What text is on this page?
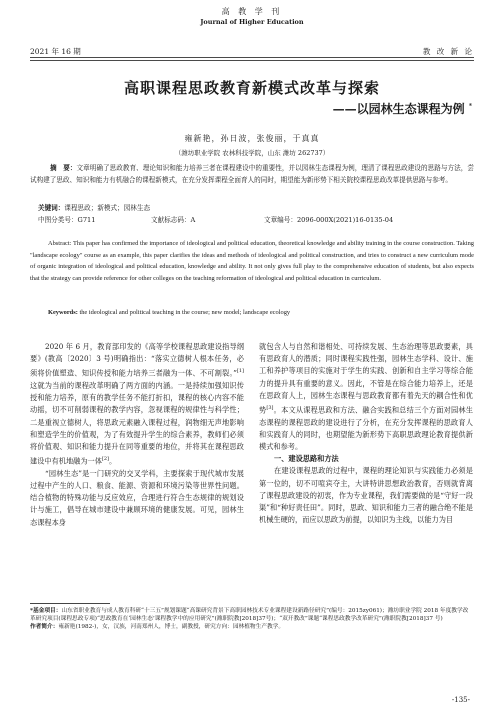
高 教 学 刊
Journal of Higher Education
2021 年 16 期	教 改 新 论
高职课程思政教育新模式改革与探索
——以园林生态课程为例 *
雍新艳，孙日波，张俊丽，于真真
（潍坊职业学院 农林科技学院，山东 潍坊 262737）
摘　要：文章明确了思政教育、理论知识和能力培养三者在课程建设中的重要性，并以园林生态课程为例，理清了课程思政建设的思路与方法，尝试构建了思政、知识和能力有机融合的课程新模式，在充分发挥课程全面育人的同时，期望能为新形势下相关院校课程思政改革提供思路与参考。
关键词：课程思政；新模式；园林生态
中图分类号：G711	文献标志码：A	文章编号：2096-000X(2021)16-0135-04
Abstract: This paper has confirmed the importance of ideological and political education, theoretical knowledge and ability training in the course construction. Taking "landscape ecology" course as an example, this paper clarifies the ideas and methods of ideological and political construction, and tries to construct a new curriculum mode of organic integration of ideological and political education, knowledge and ability. It not only gives full play to the comprehensive education of students, but also expects that the strategy can provide reference for other colleges on the teaching reformation of ideological and political education in curriculum.
Keywords: the ideological and political teaching in the course; new model; landscape ecology

2020 年 6 月，教育部印发的《高等学校课程思政建设指导纲要》(教高〔2020〕3 号)明确指出：“落实立德树人根本任务，必须将价值塑造、知识传授和能力培养三者融为一体、不可割裂。”[1]这就为当前的课程改革明确了两方面的内涵。一是持续加强知识传授和能力培养，原有的教学任务不能打折扣，课程的核心内容不能动摇，切不可削弱课程的教学内容，忽视课程的规律性与科学性；二是重视立德树人，将思政元素融入课程过程，润物细无声地影响和塑造学生的价值观，为了有效提升学生的综合素养，教师们必须将价值观、知识和能力提升在同等重要的地位，并将其在课程思政建设中有机地融为一体[2]。

“园林生态”是一门研究的交叉学科，主要探索于现代城市发展过程中产生的人口、粮食、能源、资源和环境污染等世界性问题。结合植物的特殊功能与反应效应，合理进行符合生态规律的规划设计与施工，倡导在城市建设中兼顾环境的健康发展。可见，园林生态课程本身

就包含人与自然和谐相处、可持续发展、生态治理等思政要素，具有思政育人的潜质；同时课程实践性强，园林生态学科、设计、施工和养护等项目的实施对于学生的实践、创新和自主学习等综合能力的提升具有重要的意义。因此，不管是在综合能力培养上，还是在思政育人上，园林生态课程与思政教育都有着先天的耦合性和优势[3]。本文从课程思政和方法、融合实践和总结三个方面对园林生态课程的课程思政的建设进行了分析，在充分发挥课程的思政育人和实践育人的同时，也期望能为新形势下高职思政理论教育提供新模式和参考。

一、建设思路和方法

在建设课程思政的过程中，课程的理论知识与实践能力必须是第一位的，切不可喧宾夺主，大讲特讲思想政治教育，否则就背离了课程思政建设的初衷，作为专业课程，我们需要做的是“守好一段渠”和“种好责任田”。同时，思政、知识和能力三者的融合绝不能是机械生硬的，而应以思政为前提，以知识为主线，以能力为目

*基金项目：山东省职业教育与成人教育科研“十三五”规划课题“高课研究背景下高职园林技术专业课程建设新路径研究”(编号：2015zy061)；潍坊职业学院 2018 年度教学改革研究项目(课程思政专项)“思政教育在‘园林生态’课程教学中的应用研究”(潍职院教[2018]37号)；“双开教改”课题“课程思政教学改革研究”(潍职院教[2018]37 号)
作者简介：雍新艳(1982-)，女，汉族，河南郑州人，博士，副教授，研究方向：园林植物生产教学。
-135-
